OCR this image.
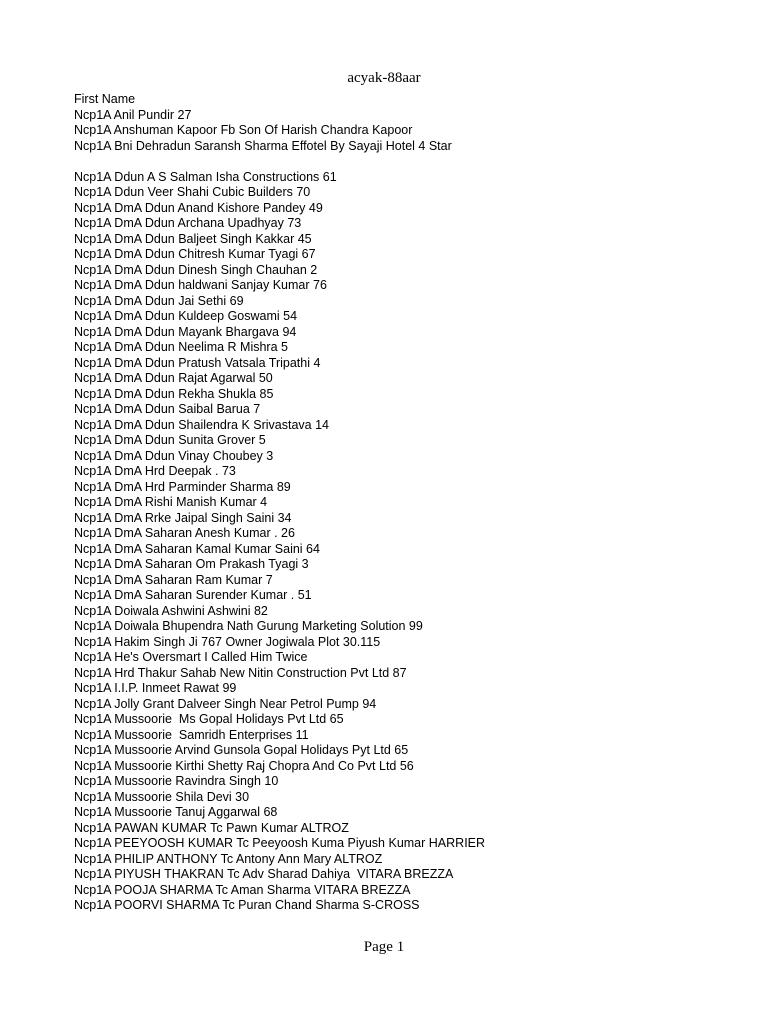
acyak-88aar
First Name
Ncp1A Anil Pundir 27
Ncp1A Anshuman Kapoor Fb Son Of Harish Chandra Kapoor
Ncp1A Bni Dehradun Saransh Sharma Effotel By Sayaji Hotel 4 Star
Ncp1A Ddun A S Salman Isha Constructions 61
Ncp1A Ddun Veer Shahi Cubic Builders 70
Ncp1A DmA Ddun Anand Kishore Pandey 49
Ncp1A DmA Ddun Archana Upadhyay 73
Ncp1A DmA Ddun Baljeet Singh Kakkar 45
Ncp1A DmA Ddun Chitresh Kumar Tyagi 67
Ncp1A DmA Ddun Dinesh Singh Chauhan 2
Ncp1A DmA Ddun haldwani Sanjay Kumar 76
Ncp1A DmA Ddun Jai Sethi 69
Ncp1A DmA Ddun Kuldeep Goswami 54
Ncp1A DmA Ddun Mayank Bhargava 94
Ncp1A DmA Ddun Neelima R Mishra 5
Ncp1A DmA Ddun Pratush Vatsala Tripathi 4
Ncp1A DmA Ddun Rajat Agarwal 50
Ncp1A DmA Ddun Rekha Shukla 85
Ncp1A DmA Ddun Saibal Barua 7
Ncp1A DmA Ddun Shailendra K Srivastava 14
Ncp1A DmA Ddun Sunita Grover 5
Ncp1A DmA Ddun Vinay Choubey 3
Ncp1A DmA Hrd Deepak . 73
Ncp1A DmA Hrd Parminder Sharma 89
Ncp1A DmA Rishi Manish Kumar 4
Ncp1A DmA Rrke Jaipal Singh Saini 34
Ncp1A DmA Saharan Anesh Kumar . 26
Ncp1A DmA Saharan Kamal Kumar Saini 64
Ncp1A DmA Saharan Om Prakash Tyagi 3
Ncp1A DmA Saharan Ram Kumar 7
Ncp1A DmA Saharan Surender Kumar . 51
Ncp1A Doiwala Ashwini Ashwini 82
Ncp1A Doiwala Bhupendra Nath Gurung Marketing Solution 99
Ncp1A Hakim Singh Ji 767 Owner Jogiwala Plot 30.115
Ncp1A He's Oversmart I Called Him Twice
Ncp1A Hrd Thakur Sahab New Nitin Construction Pvt Ltd 87
Ncp1A I.I.P. Inmeet Rawat 99
Ncp1A Jolly Grant Dalveer Singh Near Petrol Pump 94
Ncp1A Mussoorie  Ms Gopal Holidays Pvt Ltd 65
Ncp1A Mussoorie  Samridh Enterprises 11
Ncp1A Mussoorie Arvind Gunsola Gopal Holidays Pyt Ltd 65
Ncp1A Mussoorie Kirthi Shetty Raj Chopra And Co Pvt Ltd 56
Ncp1A Mussoorie Ravindra Singh 10
Ncp1A Mussoorie Shila Devi 30
Ncp1A Mussoorie Tanuj Aggarwal 68
Ncp1A PAWAN KUMAR Tc Pawn Kumar ALTROZ
Ncp1A PEEYOOSH KUMAR Tc Peeyoosh Kuma Piyush Kumar HARRIER
Ncp1A PHILIP ANTHONY Tc Antony Ann Mary ALTROZ
Ncp1A PIYUSH THAKRAN Tc Adv Sharad Dahiya  VITARA BREZZA
Ncp1A POOJA SHARMA Tc Aman Sharma VITARA BREZZA
Ncp1A POORVI SHARMA Tc Puran Chand Sharma S-CROSS
Page 1
